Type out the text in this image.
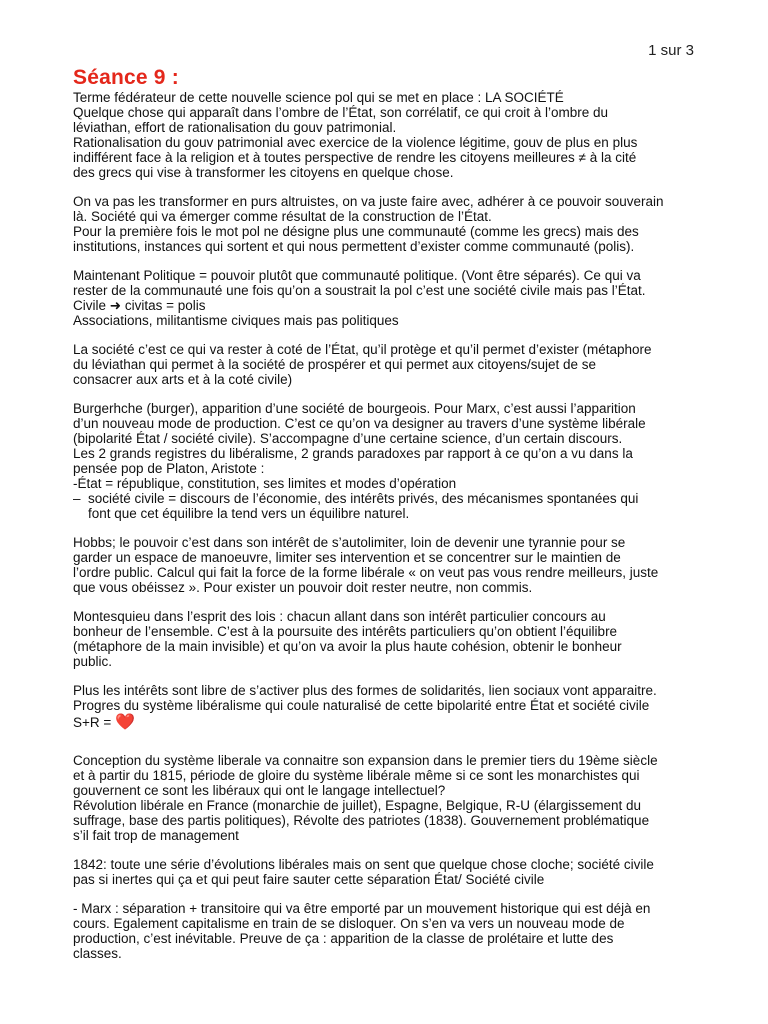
1 sur 3
Séance 9 :
Terme fédérateur de cette nouvelle science pol qui se met en place : LA SOCIÉTÉ
Quelque chose qui apparaît dans l’ombre de l’État, son corrélatif, ce qui croit à l’ombre du
léviathan, effort de rationalisation du gouv patrimonial.
Rationalisation du gouv patrimonial avec exercice de la violence légitime, gouv de plus en plus
indifférent face à la religion et à toutes perspective de rendre les citoyens meilleures ≠ à la cité
des grecs qui vise à transformer les citoyens en quelque chose.
On va pas les transformer en purs altruistes, on va juste faire avec, adhérer à ce pouvoir souverain
là. Société qui va émerger comme résultat de la construction de l’État.
Pour la première fois le mot pol ne désigne plus une communauté (comme les grecs) mais des
institutions, instances qui sortent et qui nous permettent d’exister comme communauté (polis).
Maintenant Politique = pouvoir plutôt que communauté politique. (Vont être séparés). Ce qui va
rester de la communauté une fois qu’on a soustrait la pol c’est une société civile mais pas l’État.
Civile ➜ civitas = polis
Associations, militantisme civiques mais pas politiques
La société c’est ce qui va rester à coté de l’État, qu’il protège et qu’il permet d’exister (métaphore
du léviathan qui permet à la société de prospérer et qui permet aux citoyens/sujet de se
consacrer aux arts et à la coté civile)
Burgerhche (burger), apparition d’une société de bourgeois. Pour Marx, c’est aussi l’apparition
d’un nouveau mode de production. C’est ce qu’on va designer au travers d’une système libérale
(bipolarité État / société civile). S’accompagne d’une certaine science, d’un certain discours.
Les 2 grands registres du libéralisme, 2 grands paradoxes par rapport à ce qu’on a vu dans la
pensée pop de Platon, Aristote :
-État = république, constitution, ses limites et modes d’opération
– société civile = discours de l’économie, des intérêts privés, des mécanismes spontanées qui
font que cet équilibre la tend vers un équilibre naturel.
Hobbs; le pouvoir c’est dans son intérêt de s’autolimiter, loin de devenir une tyrannie pour se
garder un espace de manoeuvre, limiter ses intervention et se concentrer sur le maintien de
l’ordre public. Calcul qui fait la force de la forme libérale « on veut pas vous rendre meilleurs, juste
que vous obéissez ». Pour exister un pouvoir doit rester neutre, non commis.
Montesquieu dans l’esprit des lois : chacun allant dans son intérêt particulier concours au
bonheur de l’ensemble. C’est à la poursuite des intérêts particuliers qu’on obtient l’équilibre
(métaphore de la main invisible) et qu’on va avoir la plus haute cohésion, obtenir le bonheur
public.
Plus les intérêts sont libre de s’activer plus des formes de solidarités, lien sociaux vont apparaitre.
Progres du système libéralisme qui coule naturalisé de cette bipolarité entre État et société civile
S+R = ❤️
Conception du système liberale va connaitre son expansion dans le premier tiers du 19ème siècle
et à partir du 1815, période de gloire du système libérale même si ce sont les monarchistes qui
gouvernent ce sont les libéraux qui ont le langage intellectuel?
Révolution libérale en France (monarchie de juillet), Espagne, Belgique, R-U (élargissement du
suffrage, base des partis politiques), Révolte des patriotes (1838). Gouvernement problématique
s’il fait trop de management
1842: toute une série d’évolutions libérales mais on sent que quelque chose cloche; société civile
pas si inertes qui ça et qui peut faire sauter cette séparation État/ Société civile
- Marx : séparation + transitoire qui va être emporté par un mouvement historique qui est déjà en
cours. Egalement capitalisme en train de se disloquer. On s’en va vers un nouveau mode de
production, c’est inévitable. Preuve de ça : apparition de la classe de prolétaire et lutte des
classes.
